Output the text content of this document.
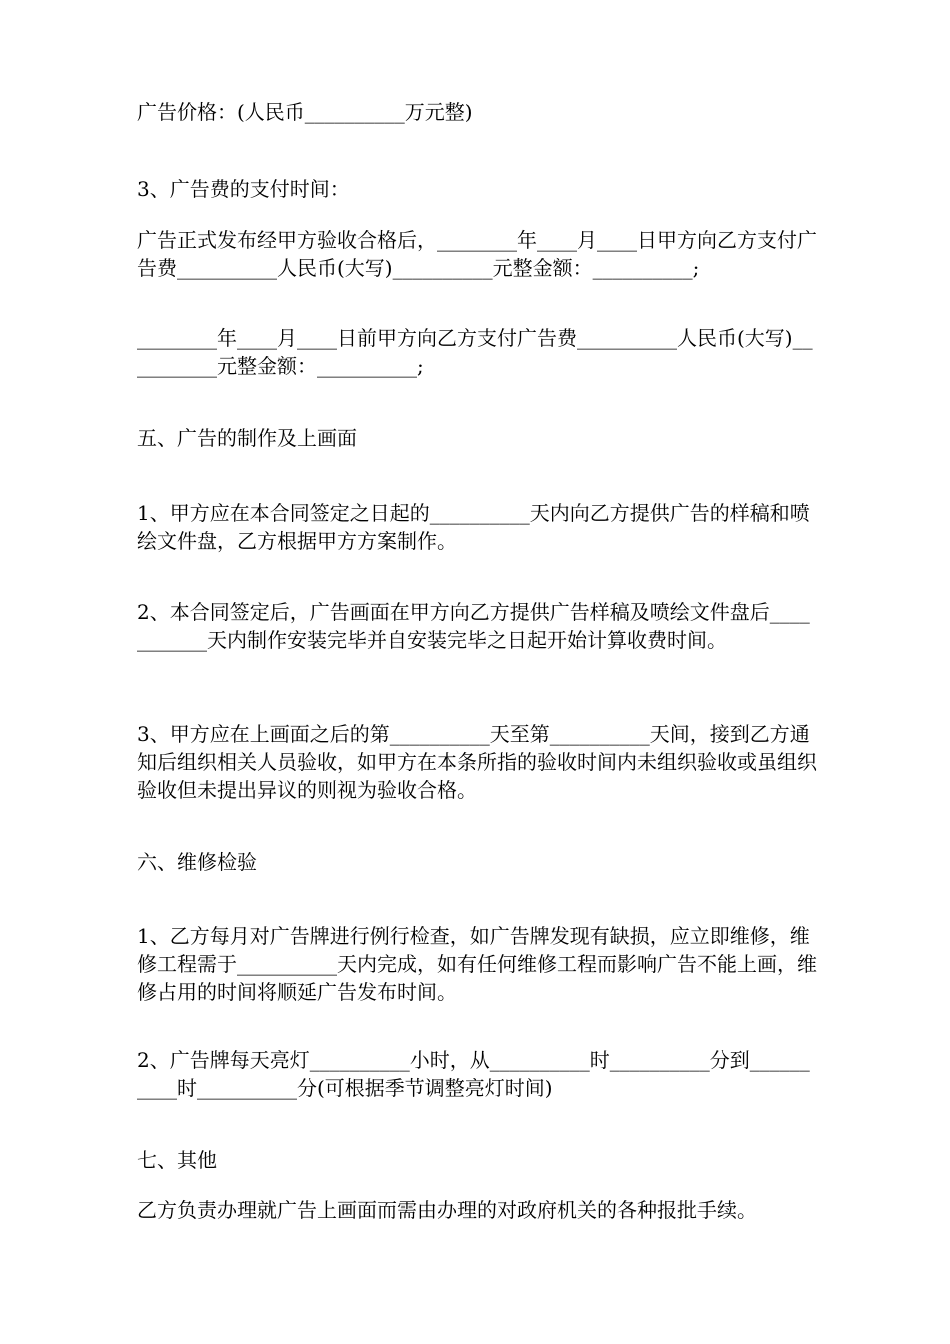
广告价格：(人民币__________万元整)

3、广告费的支付时间：

广告正式发布经甲方验收合格后，________年____月____日甲方向乙方支付广告费__________人民币(大写)__________元整金额：__________;

________年____月____日前甲方向乙方支付广告费__________人民币(大写)__________元整金额：__________;

五、广告的制作及上画面

1、甲方应在本合同签定之日起的__________天内向乙方提供广告的样稿和喷绘文件盘，乙方根据甲方方案制作。

2、本合同签定后，广告画面在甲方向乙方提供广告样稿及喷绘文件盘后___________天内制作安装完毕并自安装完毕之日起开始计算收费时间。

3、甲方应在上画面之后的第__________天至第__________天间，接到乙方通知后组织相关人员验收，如甲方在本条所指的验收时间内未组织验收或虽组织验收但未提出异议的则视为验收合格。

六、维修检验

1、乙方每月对广告牌进行例行检查，如广告牌发现有缺损，应立即维修，维修工程需于__________天内完成，如有任何维修工程而影响广告不能上画，维修占用的时间将顺延广告发布时间。

2、广告牌每天亮灯__________小时，从__________时__________分到__________时__________分(可根据季节调整亮灯时间)

七、其他

乙方负责办理就广告上画面而需由办理的对政府机关的各种报批手续。
